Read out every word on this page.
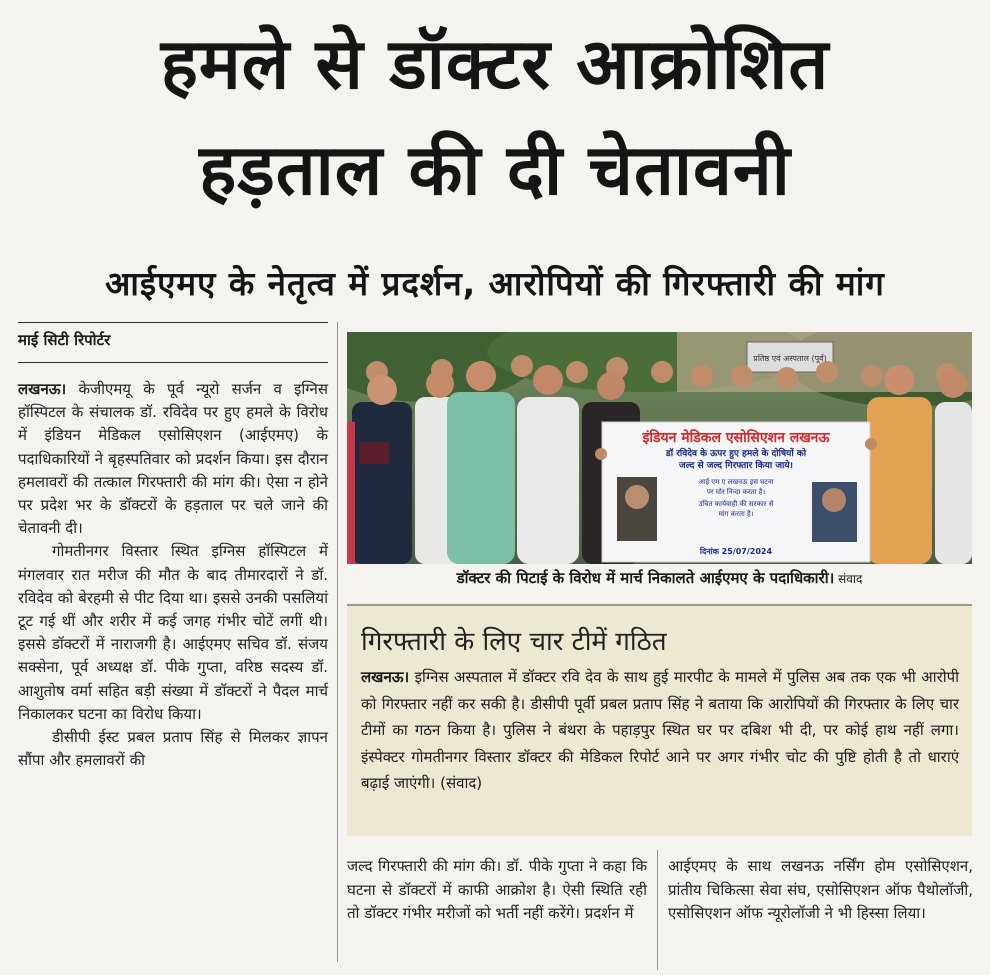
हमले से डॉक्टर आक्रोशित
हड़ताल की दी चेतावनी
आईएमए के नेतृत्व में प्रदर्शन, आरोपियों की गिरफ्तारी की मांग
माई सिटी रिपोर्टर

लखनऊ। केजीएमयू के पूर्व न्यूरो सर्जन व इग्निस हॉस्पिटल के संचालक डॉ. रविदेव पर हुए हमले के विरोध में इंडियन मेडिकल एसोसिएशन (आईएमए) के पदाधिकारियों ने बृहस्पतिवार को प्रदर्शन किया। इस दौरान हमलावरों की तत्काल गिरफ्तारी की मांग की। ऐसा न होने पर प्रदेश भर के डॉक्टरों के हड़ताल पर चले जाने की चेतावनी दी।

गोमतीनगर विस्तार स्थित इग्निस हॉस्पिटल में मंगलवार रात मरीज की मौत के बाद तीमारदारों ने डॉ. रविदेव को बेरहमी से पीट दिया था। इससे उनकी पसलियां टूट गई थीं और शरीर में कई जगह गंभीर चोटें लगीं थी। इससे डॉक्टरों में नाराजगी है। आईएमए सचिव डॉ. संजय सक्सेना, पूर्व अध्यक्ष डॉ. पीके गुप्ता, वरिष्ठ सदस्य डॉ. आशुतोष वर्मा सहित बड़ी संख्या में डॉक्टरों ने पैदल मार्च निकालकर घटना का विरोध किया।

डीसीपी ईस्ट प्रबल प्रताप सिंह से मिलकर ज्ञापन सौंपा और हमलावरों की

प्रतिष्ठ एवं अस्पताल (पूर्व)
इंडियन मेडिकल एसोसिएशन लखनऊ
डॉ रविदेव के ऊपर हुए हमले के दोषियों को
जल्द से जल्द गिरफ्तार किया जाये।
आई एम ए लखनऊ इस घटना
पर घोर निन्दा करता है।
उचित कार्यवाही की सरकार से
मांग करता है।
दिनांक 25/07/2024
डॉक्टर की पिटाई के विरोध में मार्च निकालते आईएमए के पदाधिकारी। संवाद
गिरफ्तारी के लिए चार टीमें गठित
लखनऊ। इग्निस अस्पताल में डॉक्टर रवि देव के साथ हुई मारपीट के मामले में पुलिस अब तक एक भी आरोपी को गिरफ्तार नहीं कर सकी है। डीसीपी पूर्वी प्रबल प्रताप सिंह ने बताया कि आरोपियों की गिरफ्तार के लिए चार टीमों का गठन किया है। पुलिस ने बंथरा के पहाड़पुर स्थित घर पर दबिश भी दी, पर कोई हाथ नहीं लगा। इंस्पेक्टर गोमतीनगर विस्तार डॉक्टर की मेडिकल रिपोर्ट आने पर अगर गंभीर चोट की पुष्टि होती है तो धाराएं बढ़ाई जाएंगी। (संवाद)
जल्द गिरफ्तारी की मांग की। डॉ. पीके गुप्ता ने कहा कि घटना से डॉक्टरों में काफी आक्रोश है। ऐसी स्थिति रही तो डॉक्टर गंभीर मरीजों को भर्ती नहीं करेंगे। प्रदर्शन में
आईएमए के साथ लखनऊ नर्सिंग होम एसोसिएशन, प्रांतीय चिकित्सा सेवा संघ, एसोसिएशन ऑफ पैथोलॉजी, एसोसिएशन ऑफ न्यूरोलॉजी ने भी हिस्सा लिया।
